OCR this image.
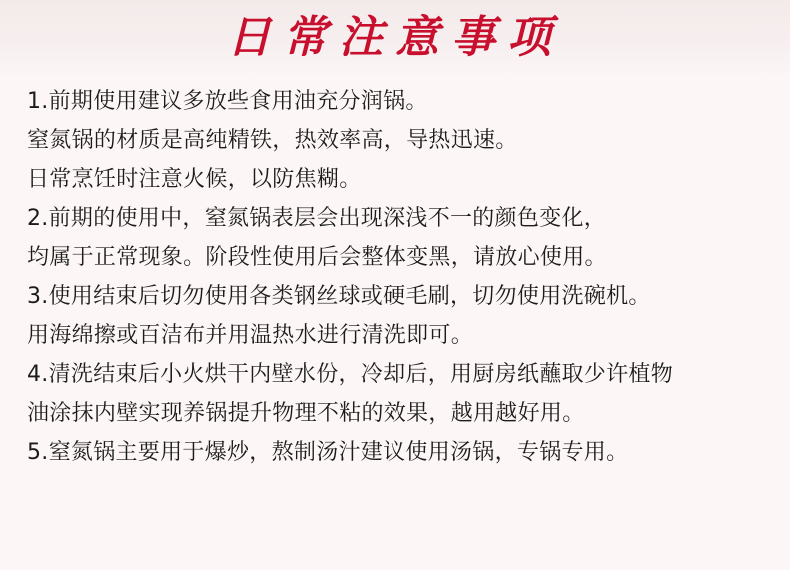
日常注意事项
1.前期使用建议多放些食用油充分润锅。
窒氮锅的材质是高纯精铁，热效率高，导热迅速。
日常烹饪时注意火候，以防焦糊。
2.前期的使用中，窒氮锅表层会出现深浅不一的颜色变化，
均属于正常现象。阶段性使用后会整体变黑，请放心使用。
3.使用结束后切勿使用各类钢丝球或硬毛刷，切勿使用洗碗机。
用海绵擦或百洁布并用温热水进行清洗即可。
4.清洗结束后小火烘干内壁水份，冷却后，用厨房纸蘸取少许植物
油涂抹内壁实现养锅提升物理不粘的效果，越用越好用。
5.窒氮锅主要用于爆炒，熬制汤汁建议使用汤锅，专锅专用。
